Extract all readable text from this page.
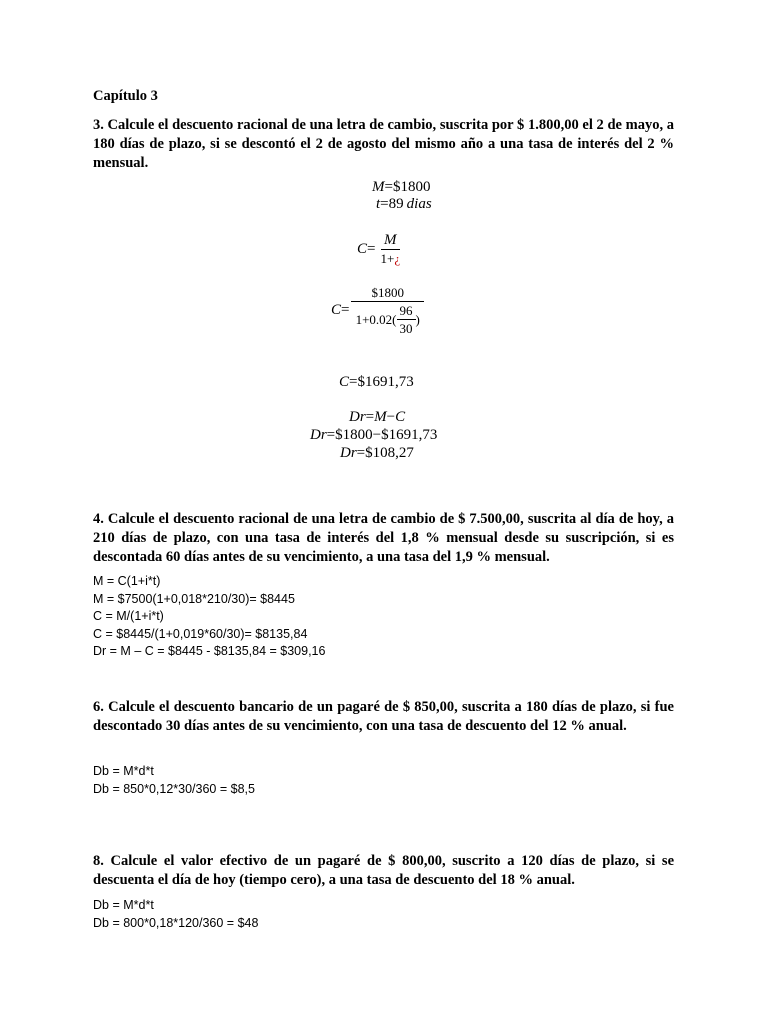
Capítulo 3
3. Calcule el descuento racional de una letra de cambio, suscrita por $ 1.800,00 el 2 de mayo, a 180 días de plazo, si se descontó el 2 de agosto del mismo año a una tasa de interés del 2 % mensual.
M=$1800
t=89  dias
$C= \frac{M}{1+¿}$
$C= \frac{\$1800}{1+0.02( \frac{96}{30} )}$
C=$1691,73
Dr=M−C
Dr=$1800−$1691,73
Dr=$108,27
4. Calcule el descuento racional de una letra de cambio de $ 7.500,00, suscrita al día de hoy, a 210 días de plazo, con una tasa de interés del 1,8 % mensual desde su suscripción, si es descontada 60 días antes de su vencimiento, a una tasa del 1,9 % mensual.
M = C(1+i*t)
M = $7500(1+0,018*210/30)= $8445
C = M/(1+i*t)
C = $8445/(1+0,019*60/30)= $8135,84
Dr = M – C = $8445 - $8135,84 = $309,16
6. Calcule el descuento bancario de un pagaré de $ 850,00, suscrita a 180 días de plazo, si fue descontado 30 días antes de su vencimiento, con una tasa de descuento del 12 % anual.
Db = M*d*t
Db = 850*0,12*30/360 = $8,5
8. Calcule el valor efectivo de un pagaré de $ 800,00, suscrito a 120 días de plazo, si se descuenta el día de hoy (tiempo cero), a una tasa de descuento del 18 % anual.
Db = M*d*t
Db = 800*0,18*120/360 = $48
